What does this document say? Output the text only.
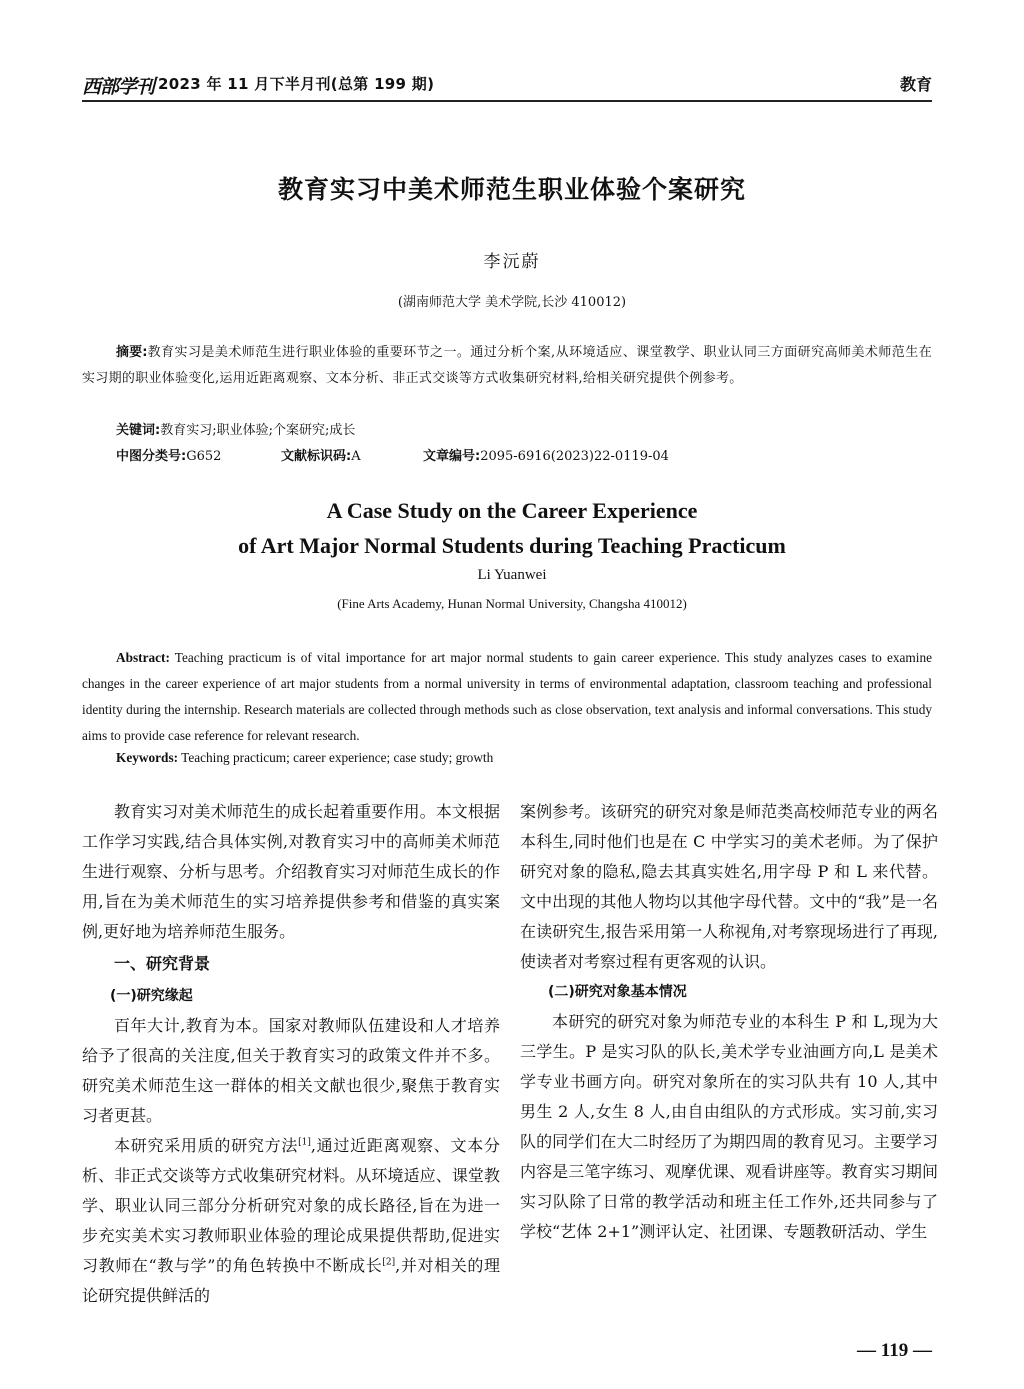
西部学刊 2023 年 11 月下半月刊(总第 199 期)	教育
教育实习中美术师范生职业体验个案研究
李沅蔚
(湖南师范大学 美术学院,长沙 410012)
摘要:教育实习是美术师范生进行职业体验的重要环节之一。通过分析个案,从环境适应、课堂教学、职业认同三方面研究高师美术师范生在实习期的职业体验变化,运用近距离观察、文本分析、非正式交谈等方式收集研究材料,给相关研究提供个例参考。
关键词:教育实习;职业体验;个案研究;成长
中图分类号:G652	文献标识码:A	文章编号:2095-6916(2023)22-0119-04
A Case Study on the Career Experience
of Art Major Normal Students during Teaching Practicum
Li Yuanwei
(Fine Arts Academy, Hunan Normal University, Changsha 410012)
Abstract: Teaching practicum is of vital importance for art major normal students to gain career experience. This study analyzes cases to examine changes in the career experience of art major students from a normal university in terms of environmental adaptation, classroom teaching and professional identity during the internship. Research materials are collected through methods such as close observation, text analysis and informal conversations. This study aims to provide case reference for relevant research.
Keywords: Teaching practicum; career experience; case study; growth

教育实习对美术师范生的成长起着重要作用。本文根据工作学习实践,结合具体实例,对教育实习中的高师美术师范生进行观察、分析与思考。介绍教育实习对师范生成长的作用,旨在为美术师范生的实习培养提供参考和借鉴的真实案例,更好地为培养师范生服务。

一、研究背景

(一)研究缘起

百年大计,教育为本。国家对教师队伍建设和人才培养给予了很高的关注度,但关于教育实习的政策文件并不多。研究美术师范生这一群体的相关文献也很少,聚焦于教育实习者更甚。

本研究采用质的研究方法[1],通过近距离观察、文本分析、非正式交谈等方式收集研究材料。从环境适应、课堂教学、职业认同三部分分析研究对象的成长路径,旨在为进一步充实美术实习教师职业体验的理论成果提供帮助,促进实习教师在“教与学”的角色转换中不断成长[2],并对相关的理论研究提供鲜活的

案例参考。该研究的研究对象是师范类高校师范专业的两名本科生,同时他们也是在 C 中学实习的美术老师。为了保护研究对象的隐私,隐去其真实姓名,用字母 P 和 L 来代替。文中出现的其他人物均以其他字母代替。文中的“我”是一名在读研究生,报告采用第一人称视角,对考察现场进行了再现,使读者对考察过程有更客观的认识。

(二)研究对象基本情况

本研究的研究对象为师范专业的本科生 P 和 L,现为大三学生。P 是实习队的队长,美术学专业油画方向,L 是美术学专业书画方向。研究对象所在的实习队共有 10 人,其中男生 2 人,女生 8 人,由自由组队的方式形成。实习前,实习队的同学们在大二时经历了为期四周的教育见习。主要学习内容是三笔字练习、观摩优课、观看讲座等。教育实习期间实习队除了日常的教学活动和班主任工作外,还共同参与了学校“艺体 2+1”测评认定、社团课、专题教研活动、学生

— 119 —
